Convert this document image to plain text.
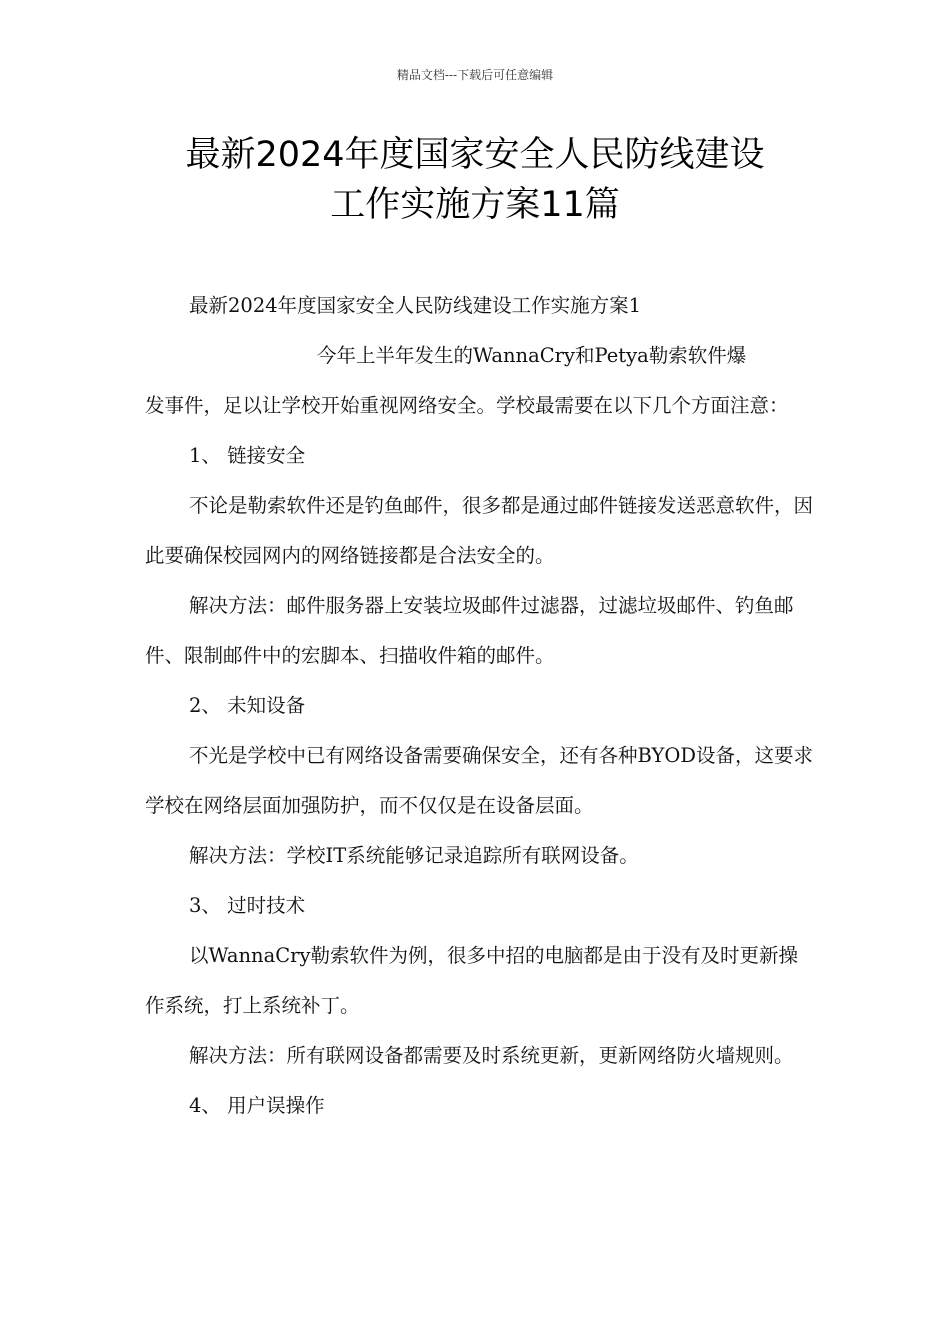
精品文档---下载后可任意编辑
最新2024年度国家安全人民防线建设
工作实施方案11篇

最新2024年度国家安全人民防线建设工作实施方案1

今年上半年发生的WannaCry和Petya勒索软件爆

发事件，足以让学校开始重视网络安全。学校最需要在以下几个方面注意：

1、 链接安全

不论是勒索软件还是钓鱼邮件，很多都是通过邮件链接发送恶意软件，因此要确保校园网内的网络链接都是合法安全的。

解决方法：邮件服务器上安装垃圾邮件过滤器，过滤垃圾邮件、钓鱼邮件、限制邮件中的宏脚本、扫描收件箱的邮件。

2、 未知设备

不光是学校中已有网络设备需要确保安全，还有各种BYOD设备，这要求学校在网络层面加强防护，而不仅仅是在设备层面。

解决方法：学校IT系统能够记录追踪所有联网设备。

3、 过时技术

以WannaCry勒索软件为例，很多中招的电脑都是由于没有及时更新操作系统，打上系统补丁。

解决方法：所有联网设备都需要及时系统更新，更新网络防火墙规则。

4、 用户误操作
